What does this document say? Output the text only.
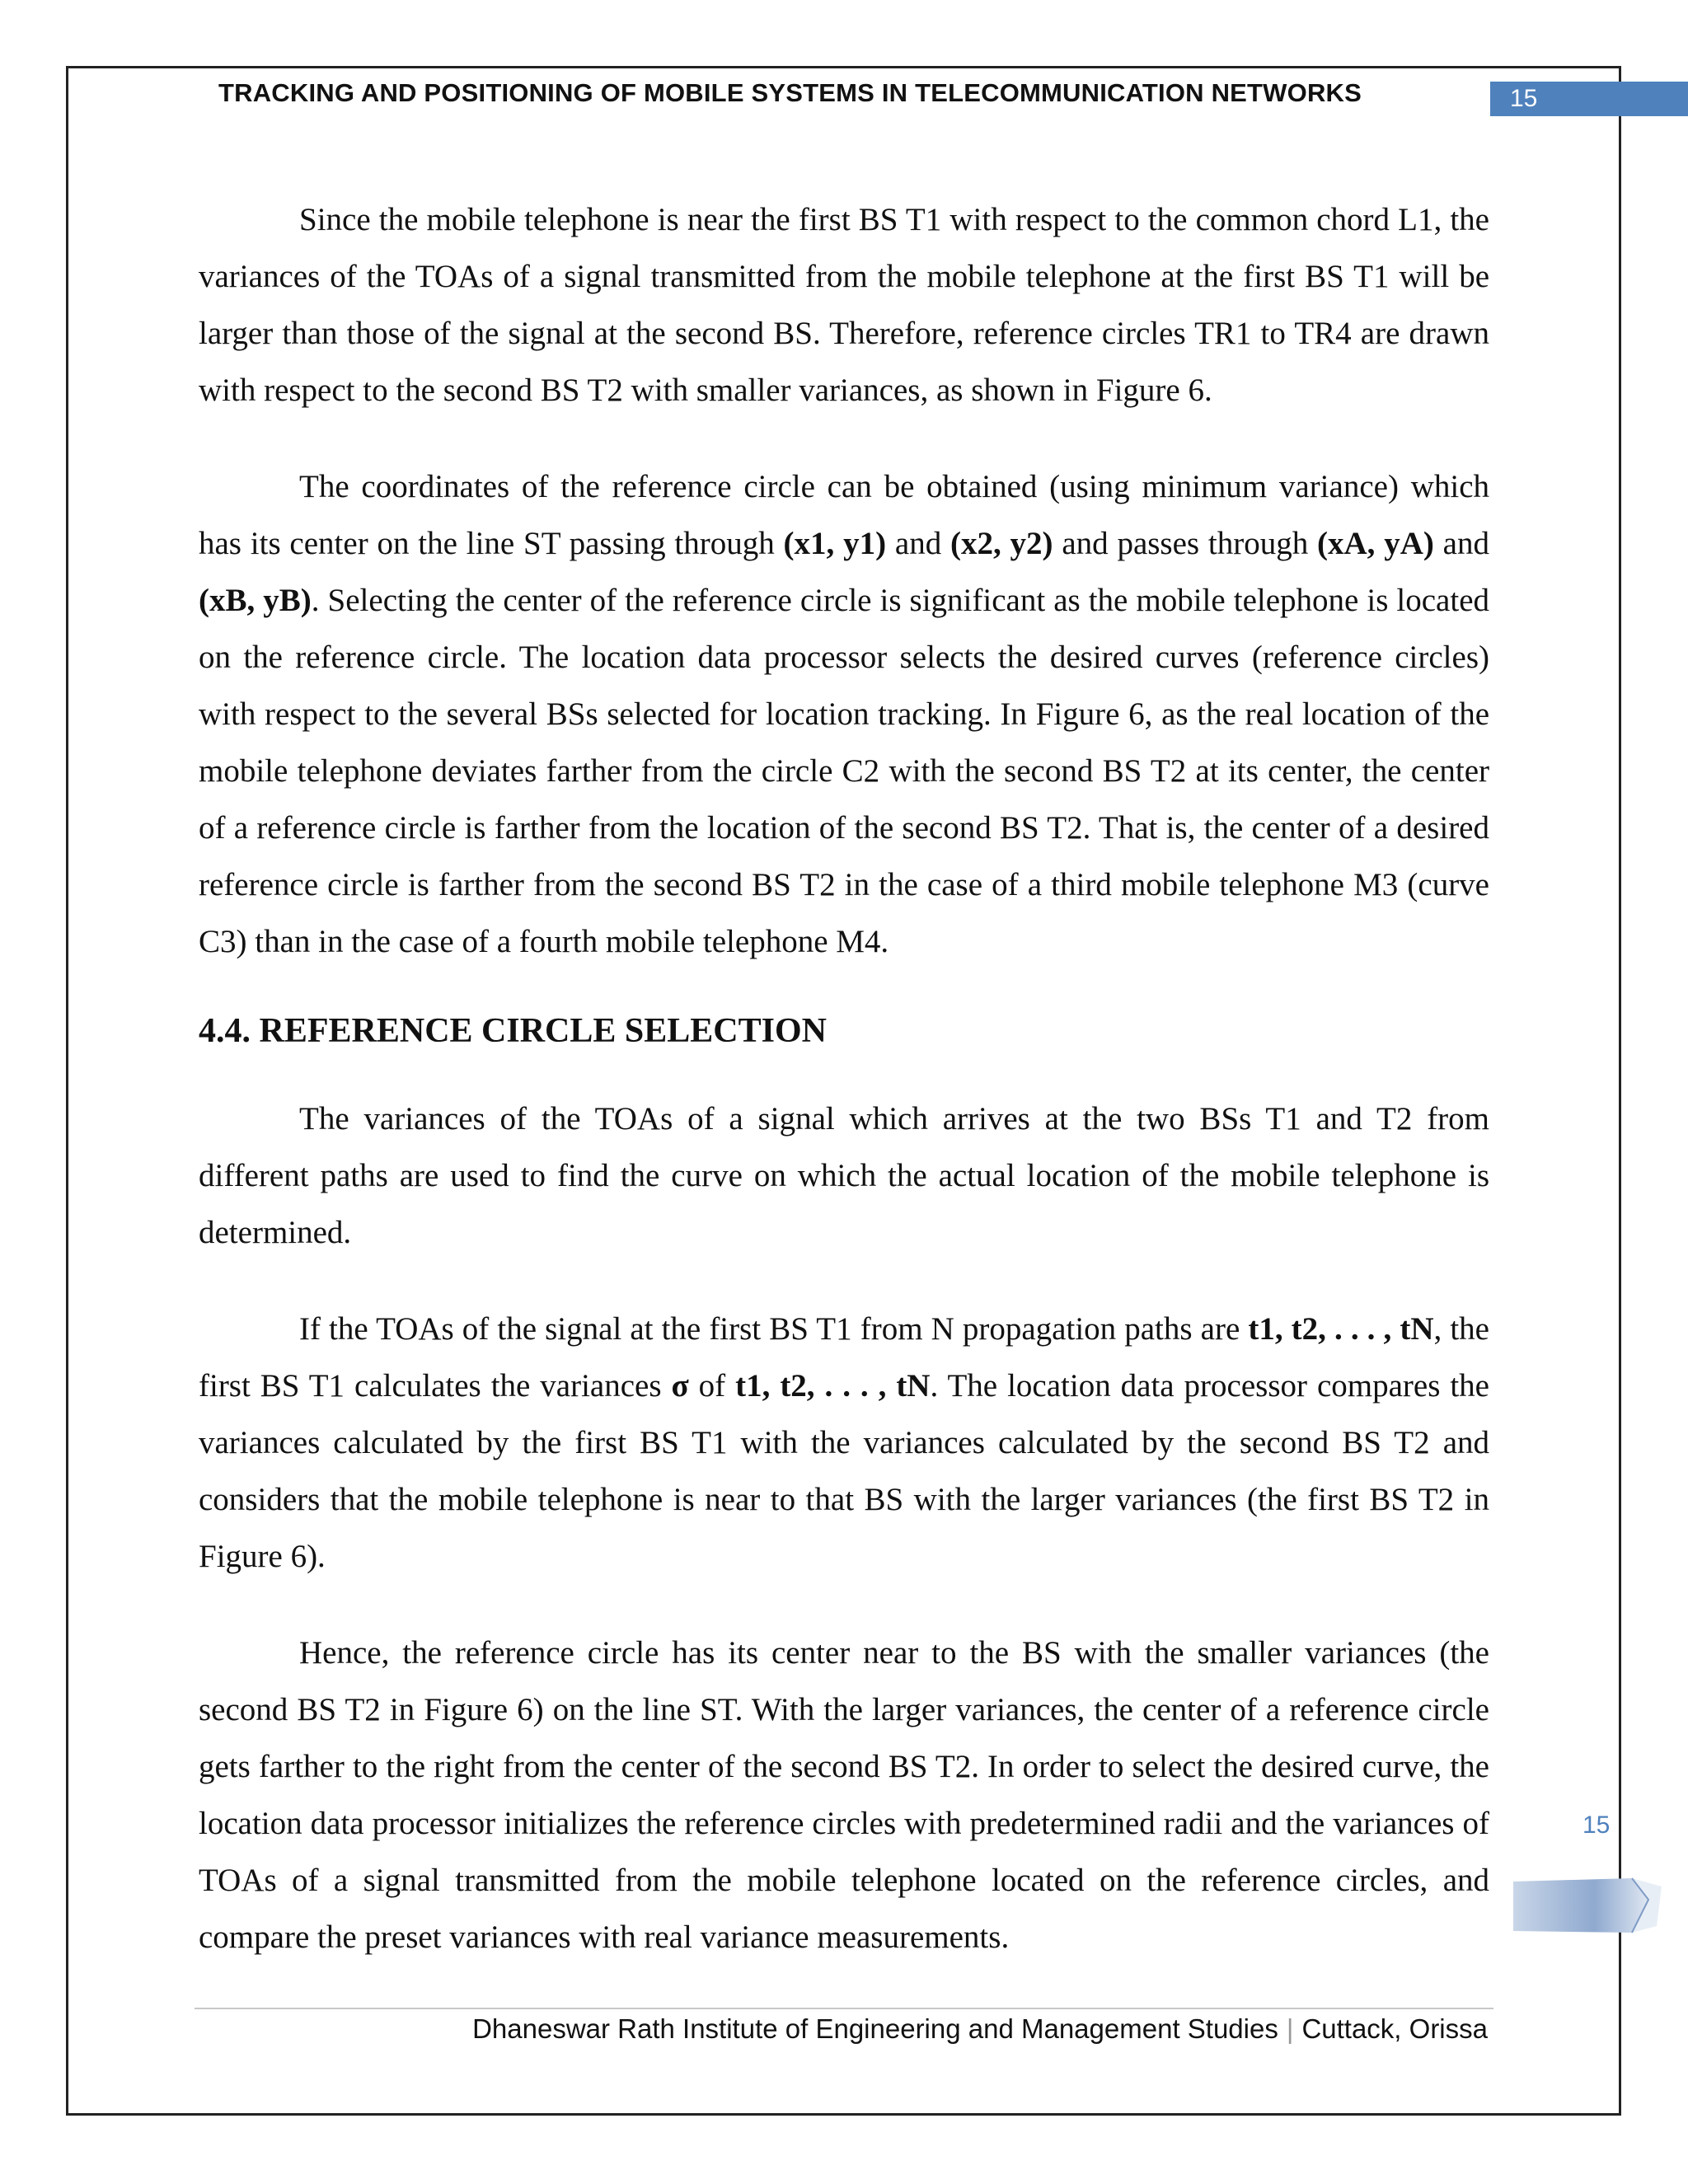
TRACKING AND POSITIONING OF MOBILE SYSTEMS IN TELECOMMUNICATION NETWORKS	15
15

Since the mobile telephone is near the first BS T1 with respect to the common chord L1, the variances of the TOAs of a signal transmitted from the mobile telephone at the first BS T1 will be larger than those of the signal at the second BS. Therefore, reference circles TR1 to TR4 are drawn with respect to the second BS T2 with smaller variances, as shown in Figure 6.

The coordinates of the reference circle can be obtained (using minimum variance) which has its center on the line ST passing through (x1, y1) and (x2, y2) and passes through (xA, yA) and (xB, yB). Selecting the center of the reference circle is significant as the mobile telephone is located on the reference circle. The location data processor selects the desired curves (reference circles) with respect to the several BSs selected for location tracking. In Figure 6, as the real location of the mobile telephone deviates farther from the circle C2 with the second BS T2 at its center, the center of a reference circle is farther from the location of the second BS T2. That is, the center of a desired reference circle is farther from the second BS T2 in the case of a third mobile telephone M3 (curve C3) than in the case of a fourth mobile telephone M4.

4.4. REFERENCE CIRCLE SELECTION

The variances of the TOAs of a signal which arrives at the two BSs T1 and T2 from different paths are used to find the curve on which the actual location of the mobile telephone is determined.

If the TOAs of the signal at the first BS T1 from N propagation paths are t1, t2, . . . , tN, the first BS T1 calculates the variances σ of t1, t2, . . . , tN. The location data processor compares the variances calculated by the first BS T1 with the variances calculated by the second BS T2 and considers that the mobile telephone is near to that BS with the larger variances (the first BS T2 in Figure 6).

Hence, the reference circle has its center near to the BS with the smaller variances (the second BS T2 in Figure 6) on the line ST. With the larger variances, the center of a reference circle gets farther to the right from the center of the second BS T2. In order to select the desired curve, the location data processor initializes the reference circles with predetermined radii and the variances of TOAs of a signal transmitted from the mobile telephone located on the reference circles, and compare the preset variances with real variance measurements.

Dhaneswar Rath Institute of Engineering and Management Studies | Cuttack, Orissa
